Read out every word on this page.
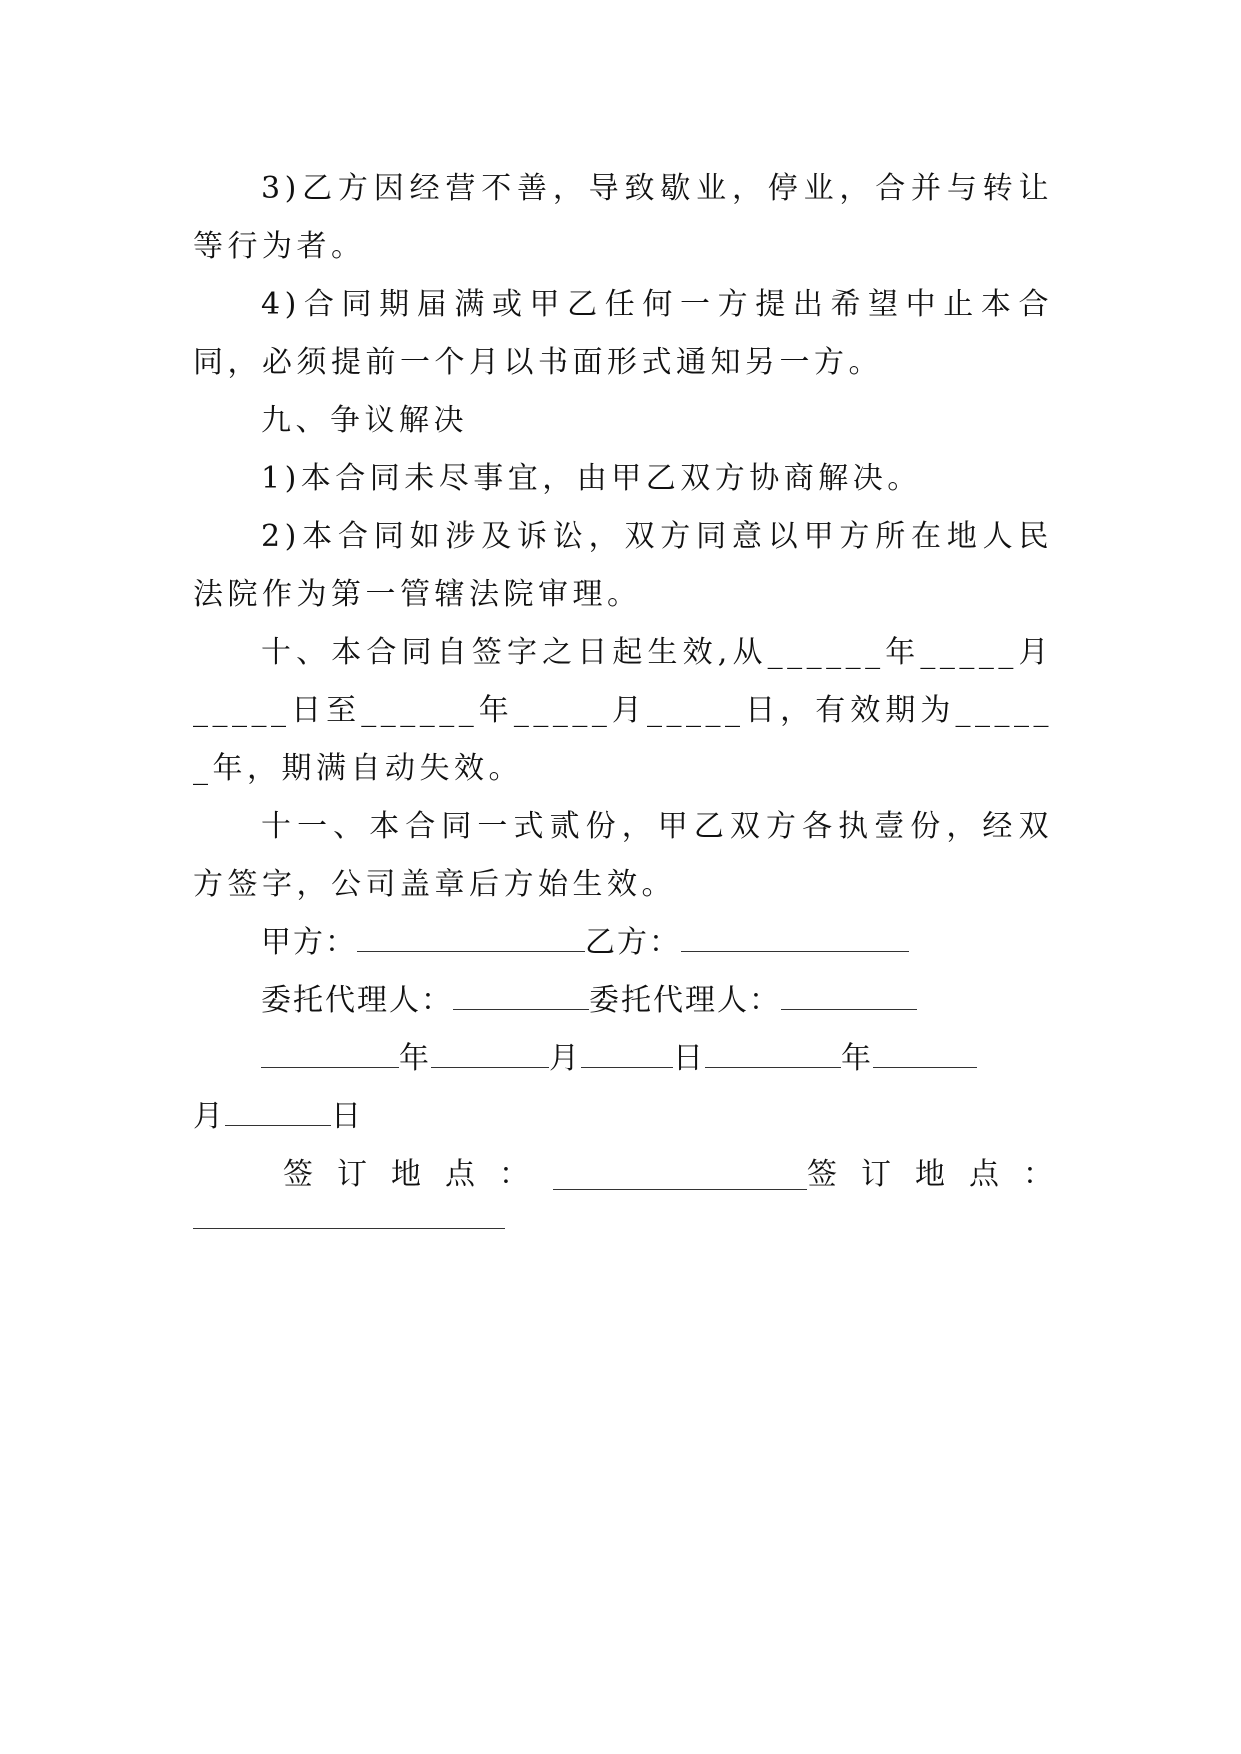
3)乙方因经营不善，导致歇业，停业，合并与转让等行为者。

4)合同期届满或甲乙任何一方提出希望中止本合同，必须提前一个月以书面形式通知另一方。

九、争议解决

1)本合同未尽事宜，由甲乙双方协商解决。

2)本合同如涉及诉讼，双方同意以甲方所在地人民法院作为第一管辖法院审理。

十、本合同自签字之日起生效,从______年_____月_____日至______年_____月_____日，有效期为______年，期满自动失效。

十一、本合同一式贰份，甲乙双方各执壹份，经双方签字，公司盖章后方始生效。

甲方：	乙方：
委托代理人：	委托代理人：
年	月	日	年
月	日
签订地点：	签订地点：
